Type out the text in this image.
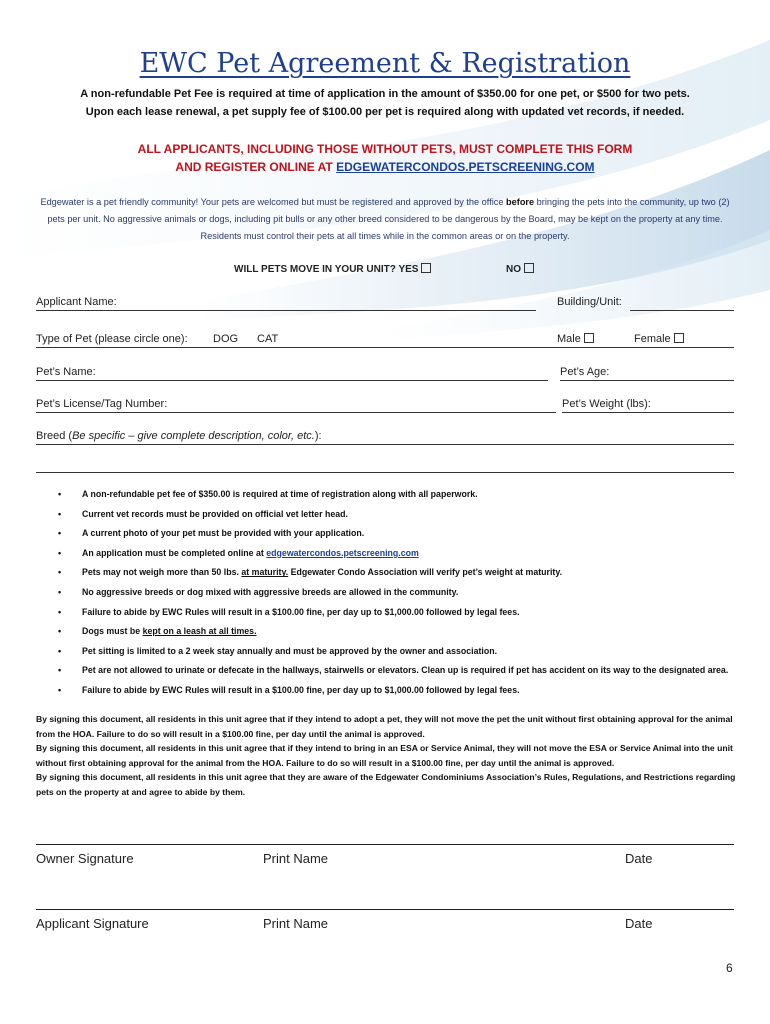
EWC Pet Agreement & Registration
A non-refundable Pet Fee is required at time of application in the amount of $350.00 for one pet, or $500 for two pets.
Upon each lease renewal, a pet supply fee of $100.00 per pet is required along with updated vet records, if needed.
ALL APPLICANTS, INCLUDING THOSE WITHOUT PETS, MUST COMPLETE THIS FORM
AND REGISTER ONLINE AT EDGEWATERCONDOS.PETSCREENING.COM
Edgewater is a pet friendly community! Your pets are welcomed but must be registered and approved by the office before bringing the pets into the community, up two (2) pets per unit. No aggressive animals or dogs, including pit bulls or any other breed considered to be dangerous by the Board, may be kept on the property at any time. Residents must control their pets at all times while in the common areas or on the property.
WILL PETS MOVE IN YOUR UNIT? YES	NO
Applicant Name:	Building/Unit:
Type of Pet (please circle one): DOG CAT	Male	Female
Pet’s Name:	Pet’s Age:
Pet’s License/Tag Number:	Pet’s Weight (lbs):
Breed (Be specific – give complete description, color, etc.):
• A non-refundable pet fee of $350.00 is required at time of registration along with all paperwork.
• Current vet records must be provided on official vet letter head.
• A current photo of your pet must be provided with your application.
• An application must be completed online at edgewatercondos.petscreening.com
• Pets may not weigh more than 50 lbs. at maturity. Edgewater Condo Association will verify pet’s weight at maturity.
• No aggressive breeds or dog mixed with aggressive breeds are allowed in the community.
• Failure to abide by EWC Rules will result in a $100.00 fine, per day up to $1,000.00 followed by legal fees.
• Dogs must be kept on a leash at all times.
• Pet sitting is limited to a 2 week stay annually and must be approved by the owner and association.
• Pet are not allowed to urinate or defecate in the hallways, stairwells or elevators. Clean up is required if pet has accident on its way to the designated area.
• Failure to abide by EWC Rules will result in a $100.00 fine, per day up to $1,000.00 followed by legal fees.
By signing this document, all residents in this unit agree that if they intend to adopt a pet, they will not move the pet the unit without first obtaining approval for the animal from the HOA. Failure to do so will result in a $100.00 fine, per day until the animal is approved.
By signing this document, all residents in this unit agree that if they intend to bring in an ESA or Service Animal, they will not move the ESA or Service Animal into the unit without first obtaining approval for the animal from the HOA. Failure to do so will result in a $100.00 fine, per day until the animal is approved.
By signing this document, all residents in this unit agree that they are aware of the Edgewater Condominiums Association’s Rules, Regulations, and Restrictions regarding pets on the property at and agree to abide by them.
Owner Signature	Print Name	Date
Applicant Signature	Print Name	Date
6
